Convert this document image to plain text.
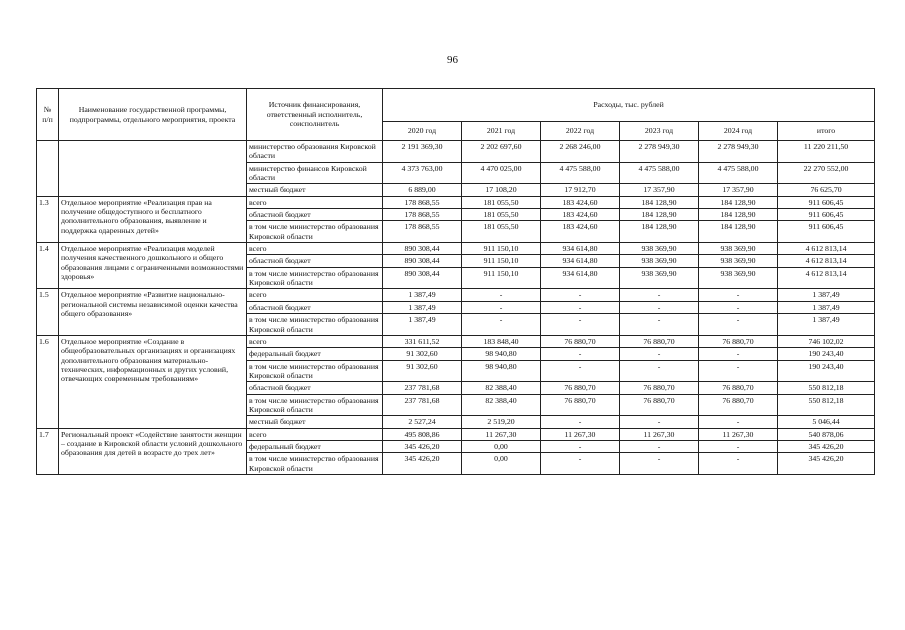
96
№
п/п	Наименование государственной программы, подпрограммы, отдельного мероприятия, проекта	Источник финансирования, ответственный исполнитель, соисполнитель	Расходы, тыс. рублей					
			2020 год	2021 год	2022 год	2023 год	2024 год	итого
		министерство образования Кировской области	2 191 369,30	2 202 697,60	2 268 246,00	2 278 949,30	2 278 949,30	11 220 211,50
		министерство финансов Кировской области	4 373 763,00	4 470 025,00	4 475 588,00	4 475 588,00	4 475 588,00	22 270 552,00
		местный бюджет	6 889,00	17 108,20	17 912,70	17 357,90	17 357,90	76 625,70
1.3	Отдельное мероприятие «Реализация прав на получение общедоступного и бесплатного дополнительного образования, выявление и поддержка одаренных детей»	всего	178 868,55	181 055,50	183 424,60	184 128,90	184 128,90	911 606,45
		областной бюджет	178 868,55	181 055,50	183 424,60	184 128,90	184 128,90	911 606,45
		в том числе министерство образования Кировской области	178 868,55	181 055,50	183 424,60	184 128,90	184 128,90	911 606,45
1.4	Отдельное мероприятие «Реализация моделей получения качественного дошкольного и общего образования лицами с ограниченными возможностями здоровья»	всего	890 308,44	911 150,10	934 614,80	938 369,90	938 369,90	4 612 813,14
		областной бюджет	890 308,44	911 150,10	934 614,80	938 369,90	938 369,90	4 612 813,14
		в том числе министерство образования Кировской области	890 308,44	911 150,10	934 614,80	938 369,90	938 369,90	4 612 813,14
1.5	Отдельное мероприятие «Развитие национально-региональной системы независимой оценки качества общего образования»	всего	1 387,49	-	-	-	-	1 387,49
		областной бюджет	1 387,49	-	-	-	-	1 387,49
		в том числе министерство образования Кировской области	1 387,49	-	-	-	-	1 387,49
1.6	Отдельное мероприятие «Создание в общеобразовательных организациях и организациях дополнительного образования материально-технических, информационных и других условий, отвечающих современным требованиям»	всего	331 611,52	183 848,40	76 880,70	76 880,70	76 880,70	746 102,02
		федеральный бюджет	91 302,60	98 940,80	-	-	-	190 243,40
		в том числе министерство образования Кировской области	91 302,60	98 940,80	-	-	-	190 243,40
		областной бюджет	237 781,68	82 388,40	76 880,70	76 880,70	76 880,70	550 812,18
		в том числе министерство образования Кировской области	237 781,68	82 388,40	76 880,70	76 880,70	76 880,70	550 812,18
		местный бюджет	2 527,24	2 519,20	-	-	-	5 046,44
1.7	Региональный проект «Содействие занятости женщин – создание в Кировской области условий дошкольного образования для детей в возрасте до трех лет»	всего	495 808,86	11 267,30	11 267,30	11 267,30	11 267,30	540 878,06
		федеральный бюджет	345 426,20	0,00	-	-	-	345 426,20
		в том числе министерство образования Кировской области	345 426,20	0,00	-	-	-	345 426,20
